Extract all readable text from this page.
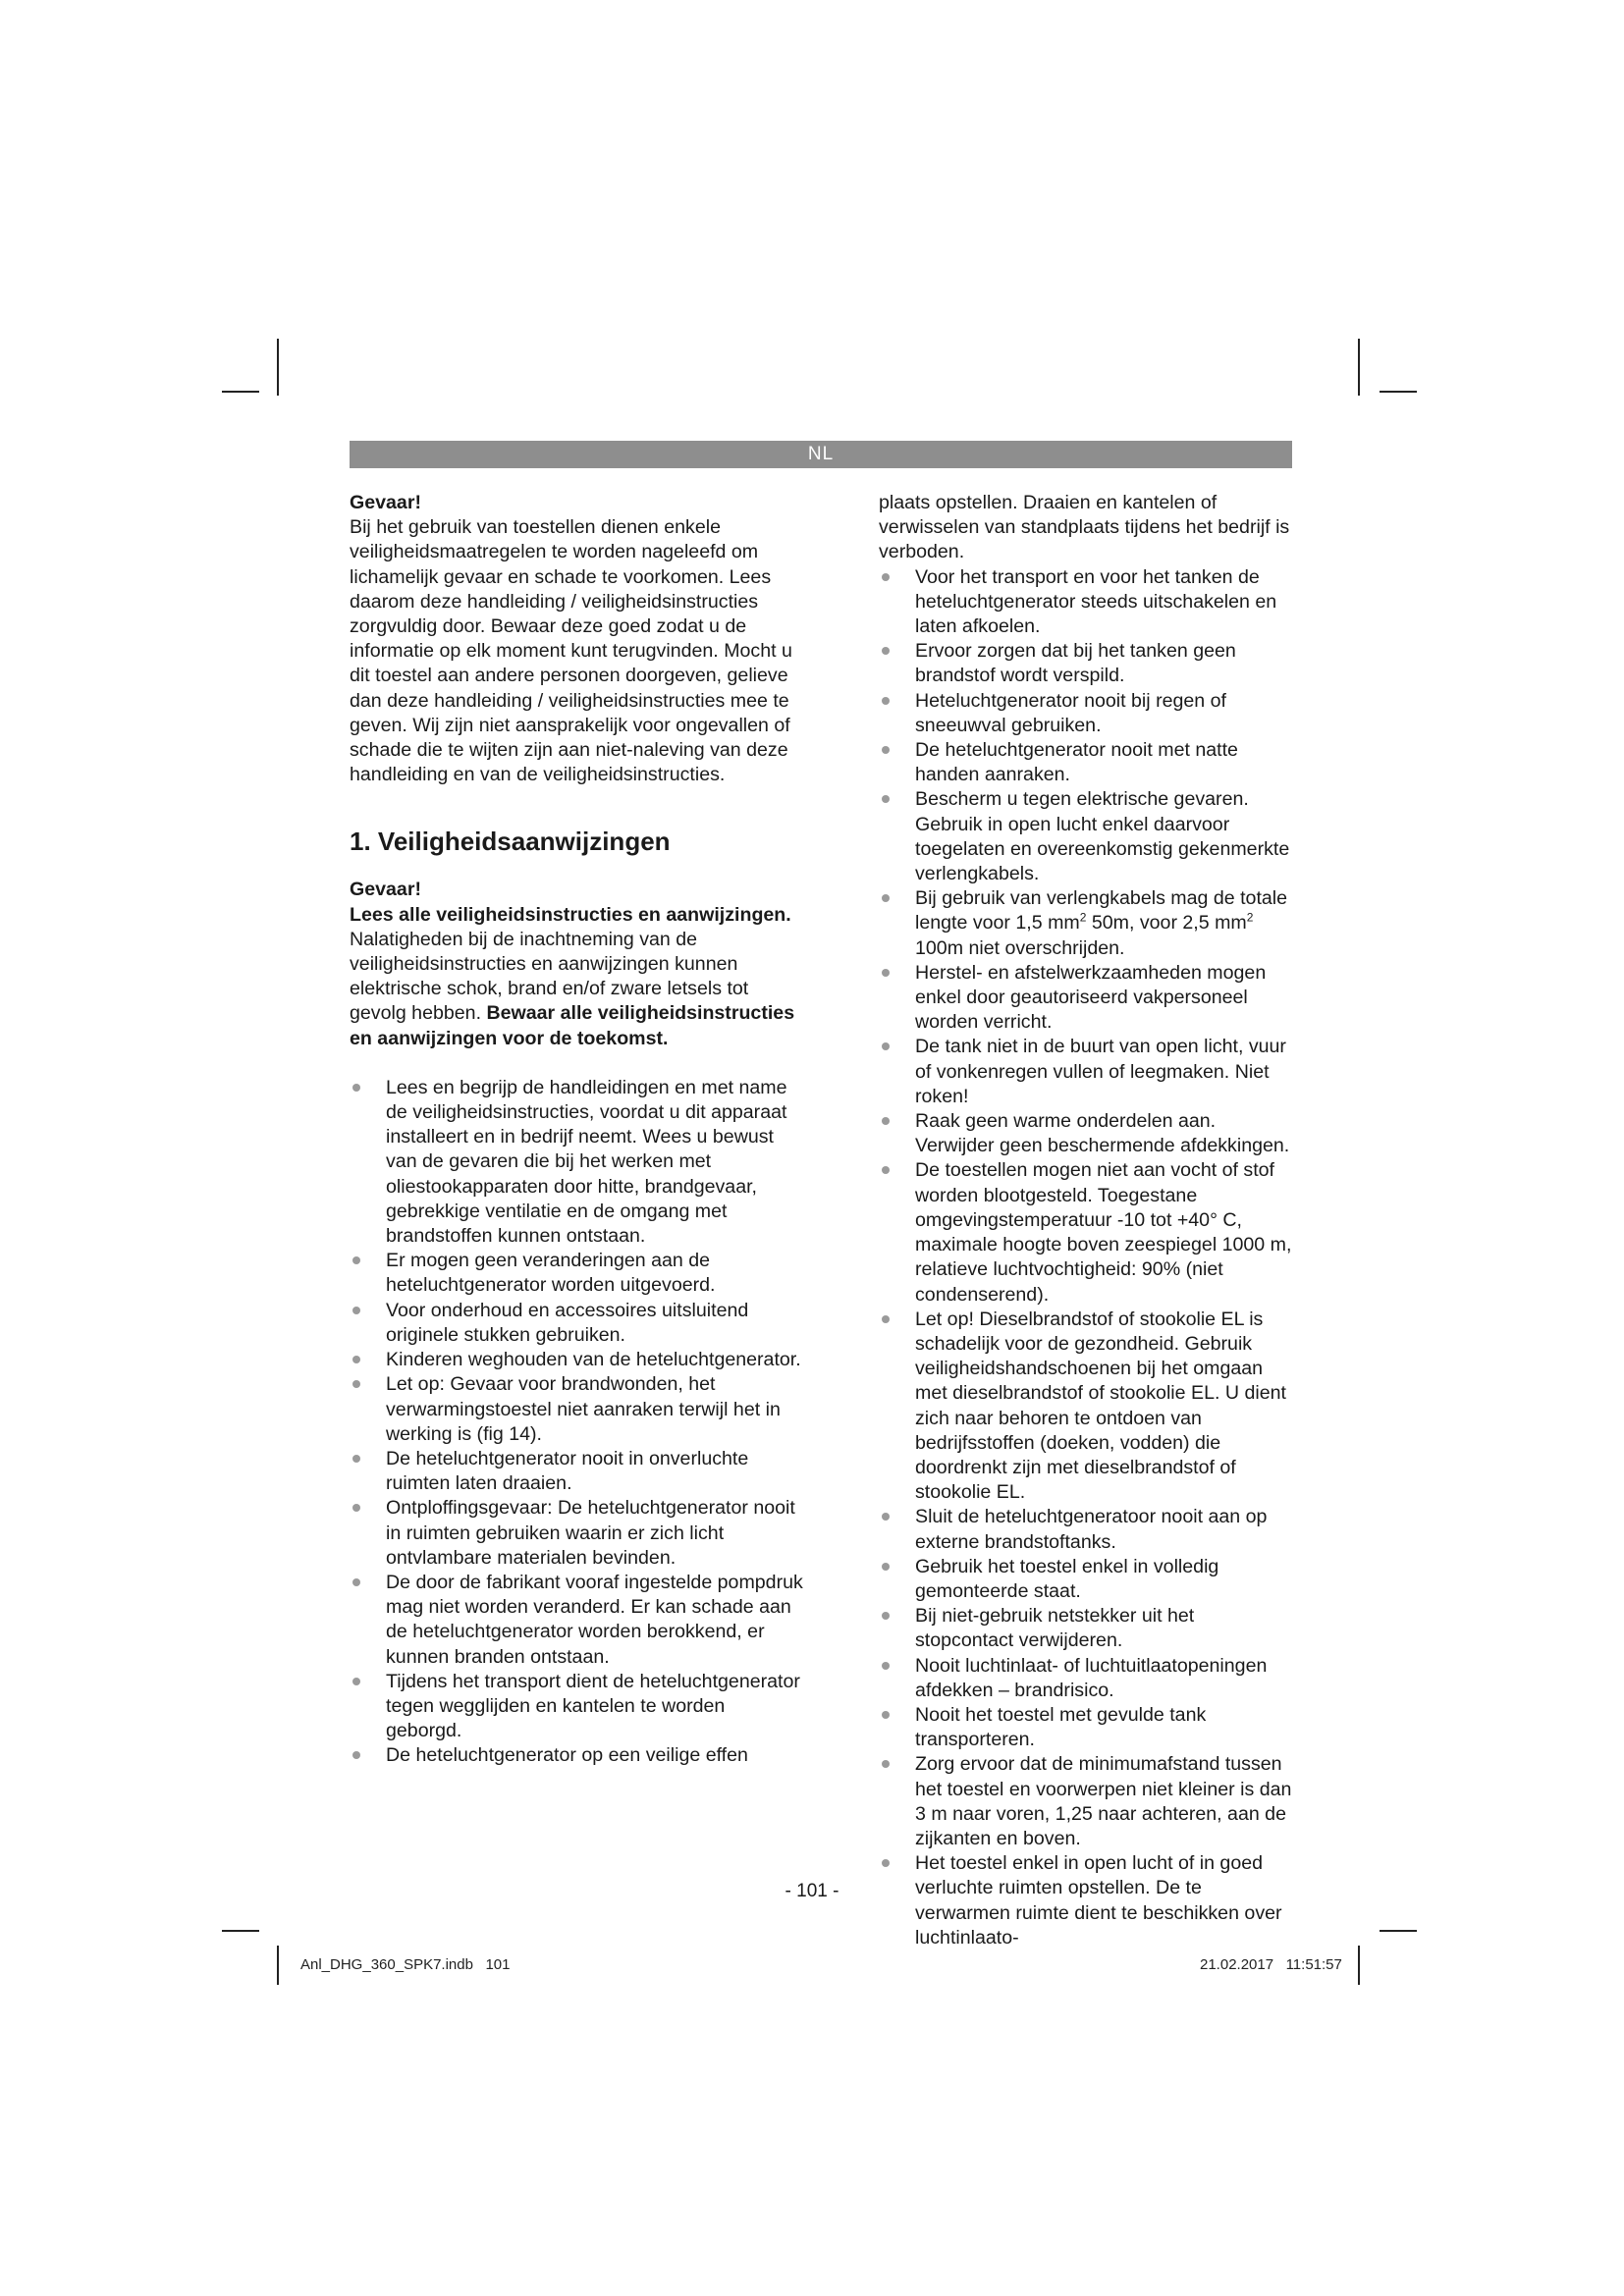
NL

Gevaar!

Bij het gebruik van toestellen dienen enkele veiligheidsmaatregelen te worden nageleefd om lichamelijk gevaar en schade te voorkomen. Lees daarom deze handleiding / veiligheidsinstructies zorgvuldig door. Bewaar deze goed zodat u de informatie op elk moment kunt terugvinden. Mocht u dit toestel aan andere personen doorgeven, gelieve dan deze handleiding / veiligheidsinstructies mee te geven. Wij zijn niet aansprakelijk voor ongevallen of schade die te wijten zijn aan niet-naleving van deze handleiding en van de veiligheidsinstructies.

1. Veiligheidsaanwijzingen

Gevaar!

Lees alle veiligheidsinstructies en aanwijzingen. Nalatigheden bij de inachtneming van de veiligheidsinstructies en aanwijzingen kunnen elektrische schok, brand en/of zware letsels tot gevolg hebben. Bewaar alle veiligheidsinstructies en aanwijzingen voor de toekomst.

Lees en begrijp de handleidingen en met name de veiligheidsinstructies, voordat u dit apparaat installeert en in bedrijf neemt. Wees u bewust van de gevaren die bij het werken met oliestookapparaten door hitte, brandgevaar, gebrekkige ventilatie en de omgang met brandstoffen kunnen ontstaan.
Er mogen geen veranderingen aan de heteluchtgenerator worden uitgevoerd.
Voor onderhoud en accessoires uitsluitend originele stukken gebruiken.
Kinderen weghouden van de heteluchtgenerator.
Let op: Gevaar voor brandwonden, het verwarmingstoestel niet aanraken terwijl het in werking is (fig 14).
De heteluchtgenerator nooit in onverluchte ruimten laten draaien.
Ontploffingsgevaar: De heteluchtgenerator nooit in ruimten gebruiken waarin er zich licht ontvlambare materialen bevinden.
De door de fabrikant vooraf ingestelde pompdruk mag niet worden veranderd. Er kan schade aan de heteluchtgenerator worden berokkend, er kunnen branden ontstaan.
Tijdens het transport dient de heteluchtgenerator tegen wegglijden en kantelen te worden geborgd.
De heteluchtgenerator op een veilige effen

plaats opstellen. Draaien en kantelen of verwisselen van standplaats tijdens het bedrijf is verboden.

Voor het transport en voor het tanken de heteluchtgenerator steeds uitschakelen en laten afkoelen.
Ervoor zorgen dat bij het tanken geen brandstof wordt verspild.
Heteluchtgenerator nooit bij regen of sneeuwval gebruiken.
De heteluchtgenerator nooit met natte handen aanraken.
Bescherm u tegen elektrische gevaren. Gebruik in open lucht enkel daarvoor toegelaten en overeenkomstig gekenmerkte verlengkabels.
Bij gebruik van verlengkabels mag de totale lengte voor 1,5 $mm^2$ 50m, voor 2,5 $mm^2$ 100m niet overschrijden.
Herstel- en afstelwerkzaamheden mogen enkel door geautoriseerd vakpersoneel worden verricht.
De tank niet in de buurt van open licht, vuur of vonkenregen vullen of leegmaken. Niet roken!
Raak geen warme onderdelen aan. Verwijder geen beschermende afdekkingen.
De toestellen mogen niet aan vocht of stof worden blootgesteld. Toegestane omgevingstemperatuur -10 tot +40° C, maximale hoogte boven zeespiegel 1000 m, relatieve luchtvochtigheid: 90% (niet condenserend).
Let op! Dieselbrandstof of stookolie EL is schadelijk voor de gezondheid. Gebruik veiligheidshandschoenen bij het omgaan met dieselbrandstof of stookolie EL. U dient zich naar behoren te ontdoen van bedrijfsstoffen (doeken, vodden) die doordrenkt zijn met dieselbrandstof of stookolie EL.
Sluit de heteluchtgeneratoor nooit aan op externe brandstoftanks.
Gebruik het toestel enkel in volledig gemonteerde staat.
Bij niet-gebruik netstekker uit het stopcontact verwijderen.
Nooit luchtinlaat- of luchtuitlaatopeningen afdekken – brandrisico.
Nooit het toestel met gevulde tank transporteren.
Zorg ervoor dat de minimumafstand tussen het toestel en voorwerpen niet kleiner is dan 3 m naar voren, 1,25 naar achteren, aan de zijkanten en boven.
Het toestel enkel in open lucht of in goed verluchte ruimten opstellen. De te verwarmen ruimte dient te beschikken over luchtinlaato-
- 101 -
Anl_DHG_360_SPK7.indb   101	21.02.2017   11:51:57
